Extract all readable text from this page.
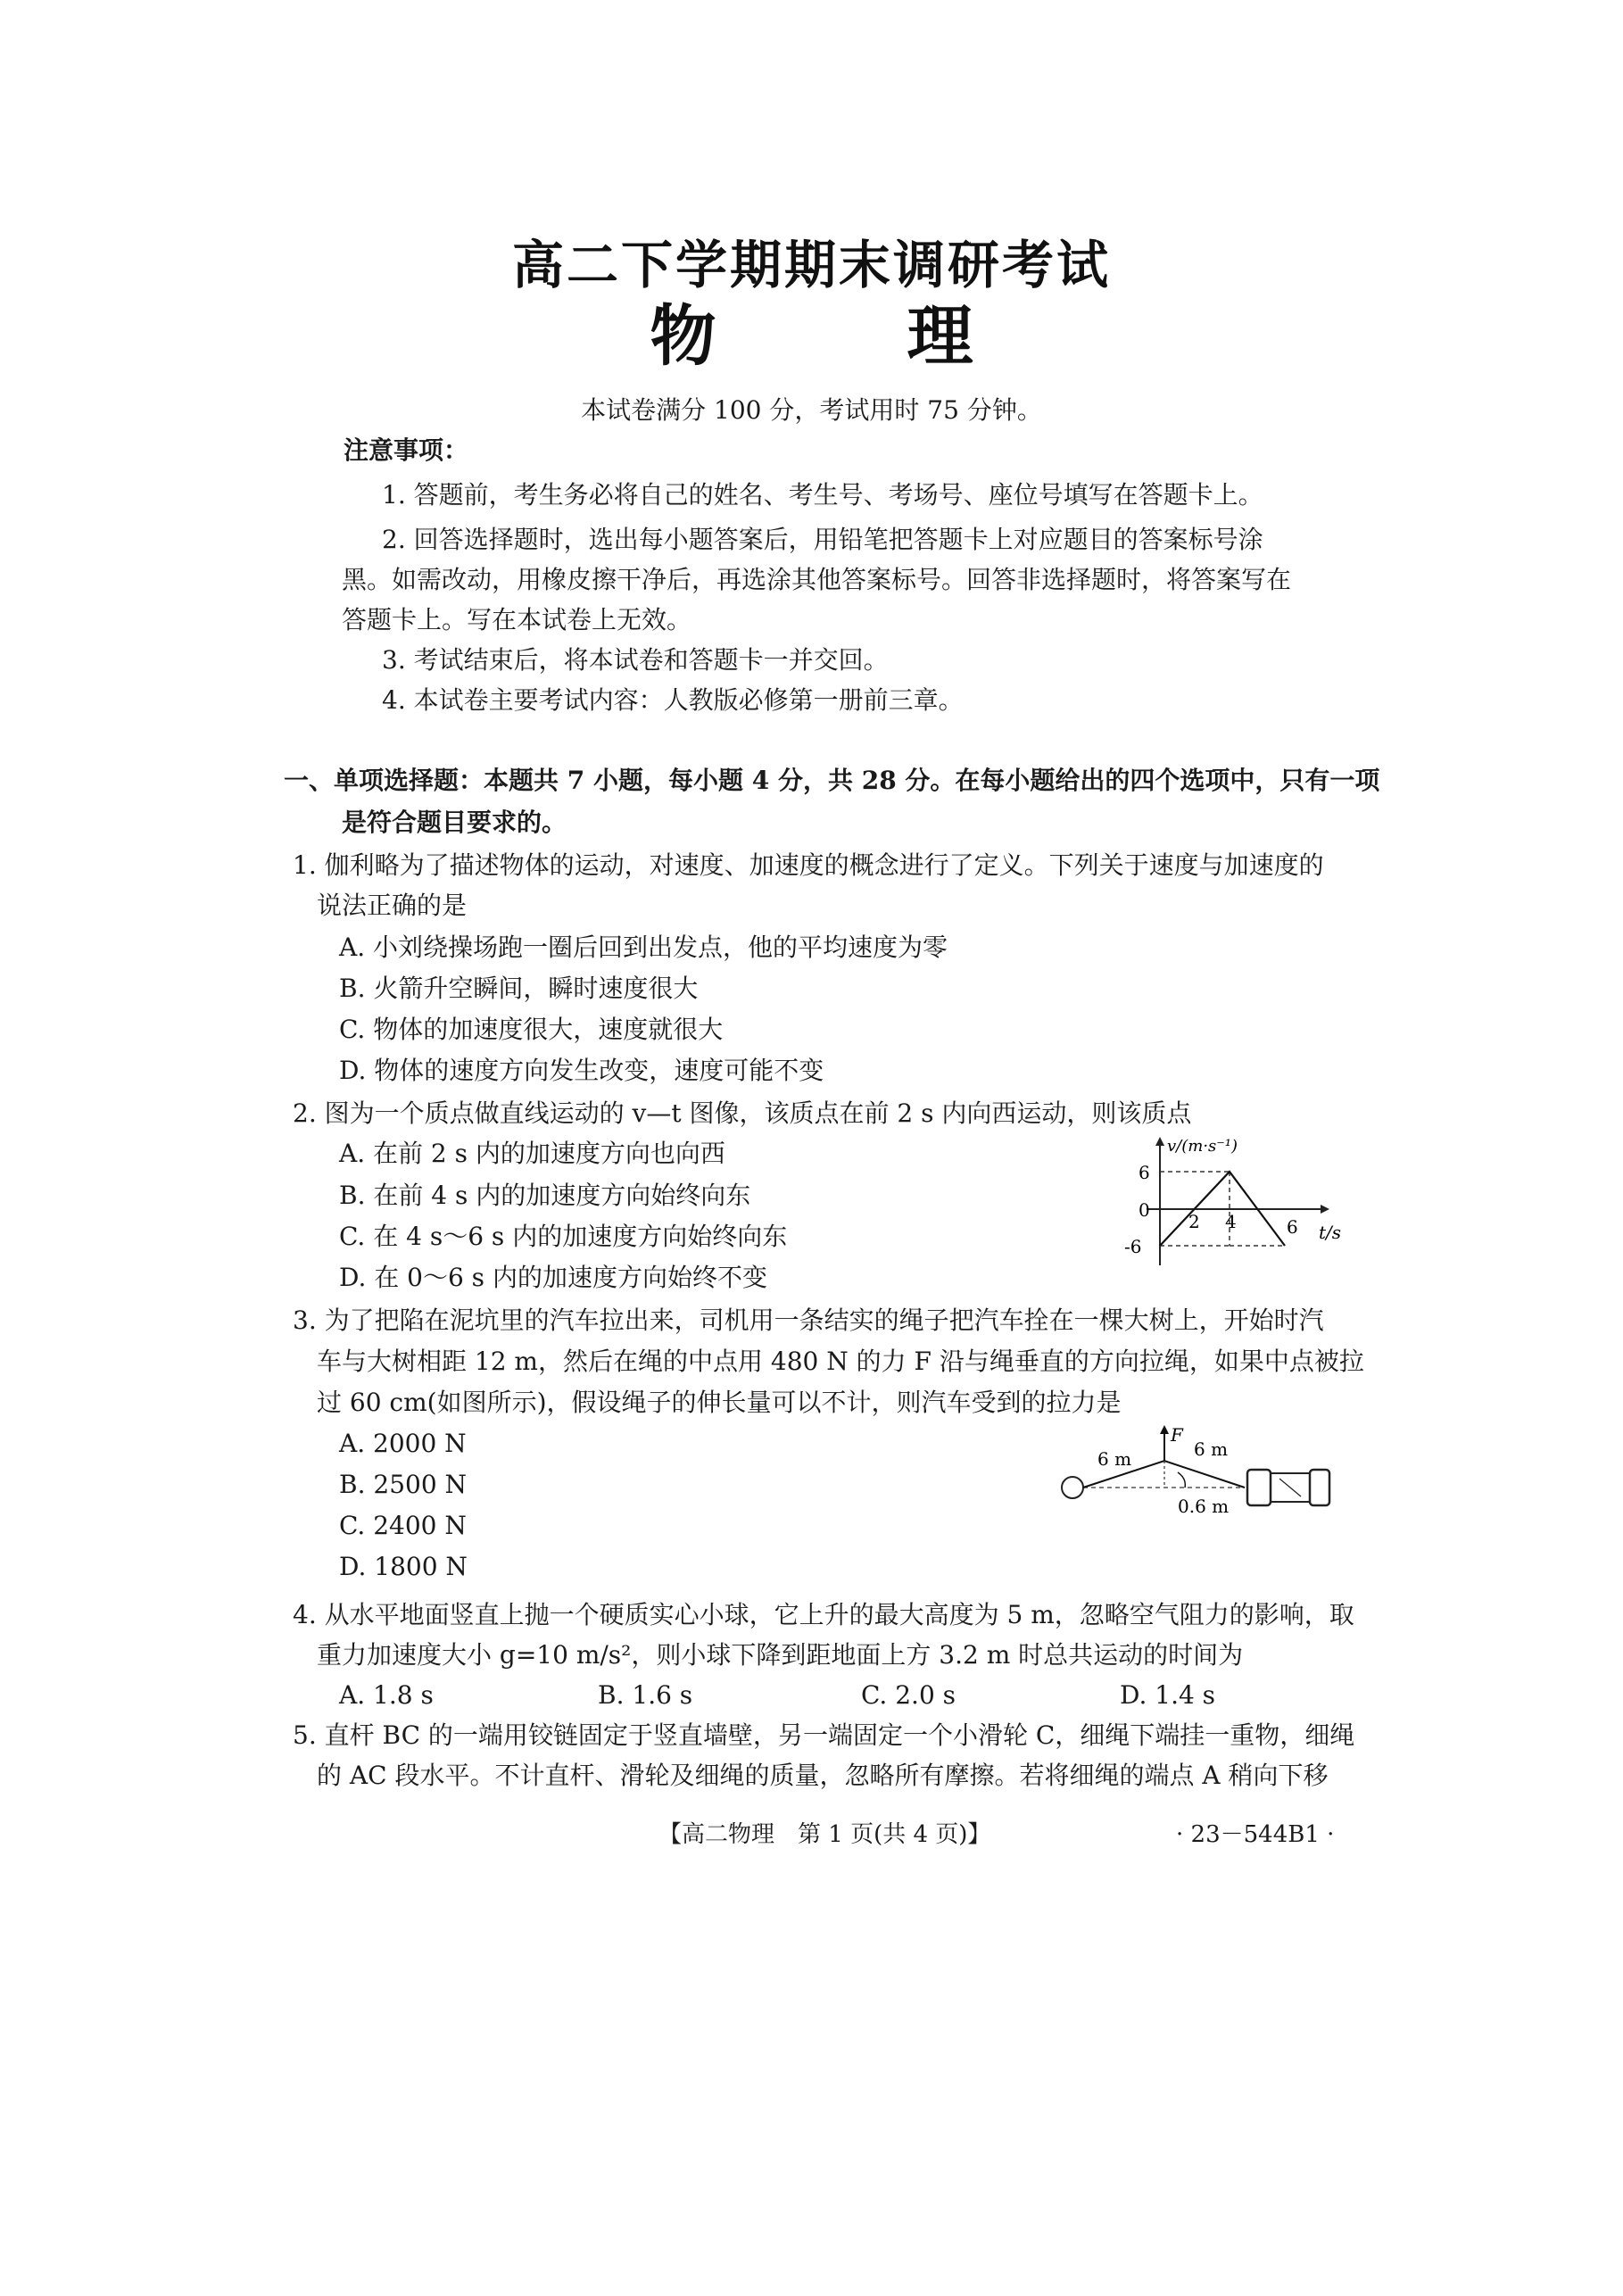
高二下学期期末调研考试
物　理
本试卷满分 100 分，考试用时 75 分钟。
注意事项：
1. 答题前，考生务必将自己的姓名、考生号、考场号、座位号填写在答题卡上。
2. 回答选择题时，选出每小题答案后，用铅笔把答题卡上对应题目的答案标号涂
黑。如需改动，用橡皮擦干净后，再选涂其他答案标号。回答非选择题时，将答案写在
答题卡上。写在本试卷上无效。
3. 考试结束后，将本试卷和答题卡一并交回。
4. 本试卷主要考试内容：人教版必修第一册前三章。
一、单项选择题：本题共 7 小题，每小题 4 分，共 28 分。在每小题给出的四个选项中，只有一项
是符合题目要求的。
1. 伽利略为了描述物体的运动，对速度、加速度的概念进行了定义。下列关于速度与加速度的
说法正确的是
A. 小刘绕操场跑一圈后回到出发点，他的平均速度为零
B. 火箭升空瞬间，瞬时速度很大
C. 物体的加速度很大，速度就很大
D. 物体的速度方向发生改变，速度可能不变
2. 图为一个质点做直线运动的 v—t 图像，该质点在前 2 s 内向西运动，则该质点
A. 在前 2 s 内的加速度方向也向西
B. 在前 4 s 内的加速度方向始终向东
C. 在 4 s～6 s 内的加速度方向始终向东
D. 在 0～6 s 内的加速度方向始终不变
6
0
-6
2 4	6
v/(m·s⁻¹)
t/s
3. 为了把陷在泥坑里的汽车拉出来，司机用一条结实的绳子把汽车拴在一棵大树上，开始时汽
车与大树相距 12 m，然后在绳的中点用 480 N 的力 F 沿与绳垂直的方向拉绳，如果中点被拉
过 60 cm(如图所示)，假设绳子的伸长量可以不计，则汽车受到的拉力是
A. 2000 N
B. 2500 N
C. 2400 N
D. 1800 N
F
6 m	6 m
0.6 m
4. 从水平地面竖直上抛一个硬质实心小球，它上升的最大高度为 5 m，忽略空气阻力的影响，取
重力加速度大小 g=10 m/s²，则小球下降到距地面上方 3.2 m 时总共运动的时间为
A. 1.8 s	B. 1.6 s	C. 2.0 s	D. 1.4 s
5. 直杆 BC 的一端用铰链固定于竖直墙壁，另一端固定一个小滑轮 C，细绳下端挂一重物，细绳
的 AC 段水平。不计直杆、滑轮及细绳的质量，忽略所有摩擦。若将细绳的端点 A 稍向下移
【高二物理　第 1 页(共 4 页)】	· 23－544B1 ·
